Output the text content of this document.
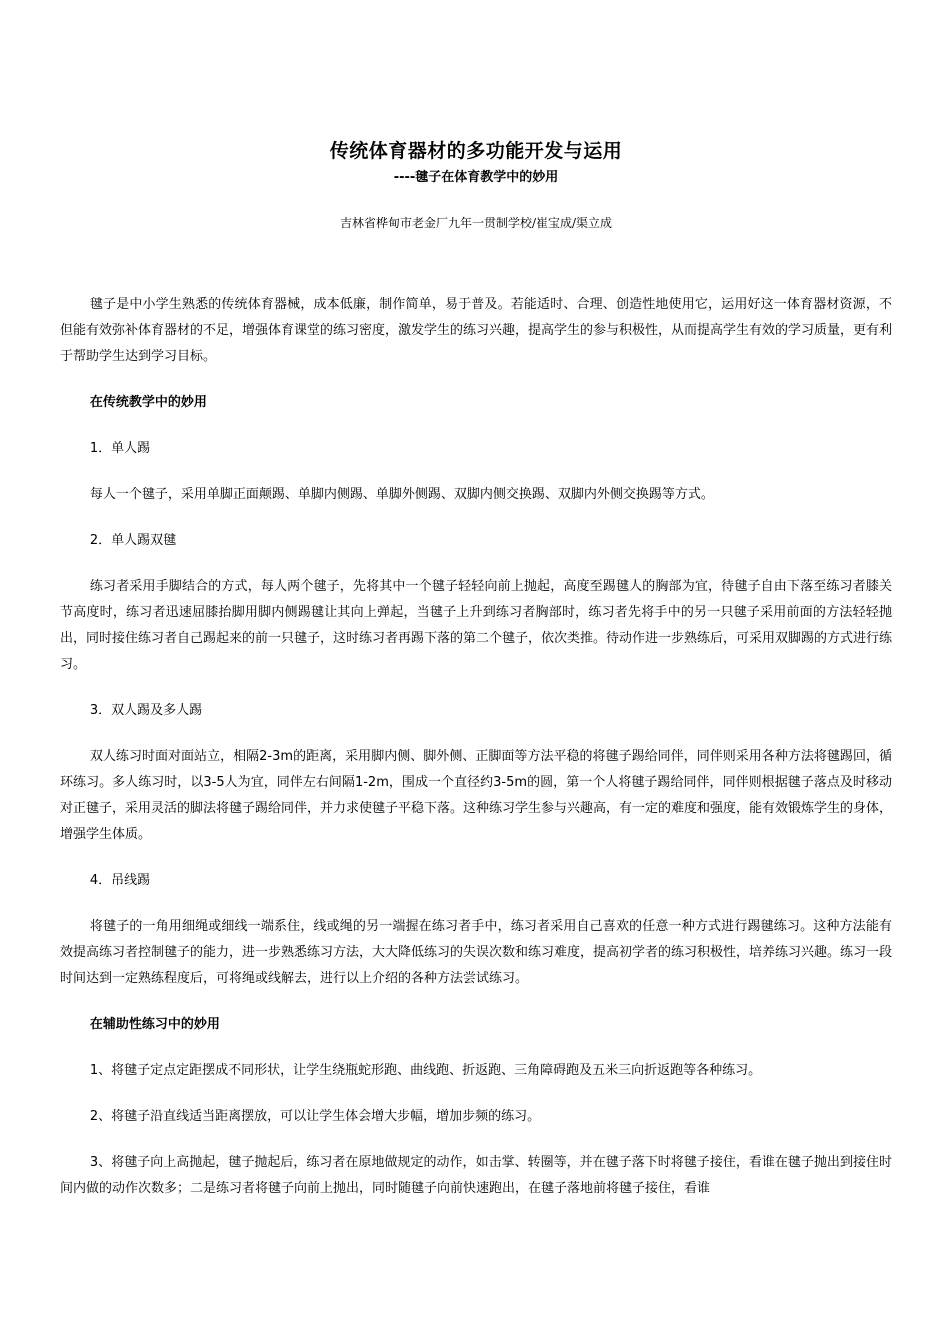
传统体育器材的多功能开发与运用
----毽子在体育教学中的妙用
吉林省桦甸市老金厂九年一贯制学校/崔宝成/渠立成

毽子是中小学生熟悉的传统体育器械，成本低廉，制作简单，易于普及。若能适时、合理、创造性地使用它，运用好这一体育器材资源，不但能有效弥补体育器材的不足，增强体育课堂的练习密度，激发学生的练习兴趣，提高学生的参与积极性，从而提高学生有效的学习质量，更有利于帮助学生达到学习目标。

在传统教学中的妙用

1．单人踢

每人一个毽子，采用单脚正面颠踢、单脚内侧踢、单脚外侧踢、双脚内侧交换踢、双脚内外侧交换踢等方式。

2．单人踢双毽

练习者采用手脚结合的方式，每人两个毽子，先将其中一个毽子轻轻向前上抛起，高度至踢毽人的胸部为宜，待毽子自由下落至练习者膝关节高度时，练习者迅速屈膝抬脚用脚内侧踢毽让其向上弹起，当毽子上升到练习者胸部时，练习者先将手中的另一只毽子采用前面的方法轻轻抛出，同时接住练习者自己踢起来的前一只毽子，这时练习者再踢下落的第二个毽子，依次类推。待动作进一步熟练后，可采用双脚踢的方式进行练习。

3．双人踢及多人踢

双人练习时面对面站立，相隔2-3m的距离，采用脚内侧、脚外侧、正脚面等方法平稳的将毽子踢给同伴，同伴则采用各种方法将毽踢回，循环练习。多人练习时，以3-5人为宜，同伴左右间隔1-2m，围成一个直径约3-5m的圆，第一个人将毽子踢给同伴，同伴则根据毽子落点及时移动对正毽子，采用灵活的脚法将毽子踢给同伴，并力求使毽子平稳下落。这种练习学生参与兴趣高，有一定的难度和强度，能有效锻炼学生的身体，增强学生体质。

4．吊线踢

将毽子的一角用细绳或细线一端系住，线或绳的另一端握在练习者手中，练习者采用自己喜欢的任意一种方式进行踢毽练习。这种方法能有效提高练习者控制毽子的能力，进一步熟悉练习方法，大大降低练习的失误次数和练习难度，提高初学者的练习积极性，培养练习兴趣。练习一段时间达到一定熟练程度后，可将绳或线解去，进行以上介绍的各种方法尝试练习。

在辅助性练习中的妙用

1、将毽子定点定距摆成不同形状，让学生绕瓶蛇形跑、曲线跑、折返跑、三角障碍跑及五米三向折返跑等各种练习。

2、将毽子沿直线适当距离摆放，可以让学生体会增大步幅，增加步频的练习。

3、将毽子向上高抛起，毽子抛起后，练习者在原地做规定的动作，如击掌、转圈等，并在毽子落下时将毽子接住，看谁在毽子抛出到接住时间内做的动作次数多；二是练习者将毽子向前上抛出，同时随毽子向前快速跑出，在毽子落地前将毽子接住，看谁
